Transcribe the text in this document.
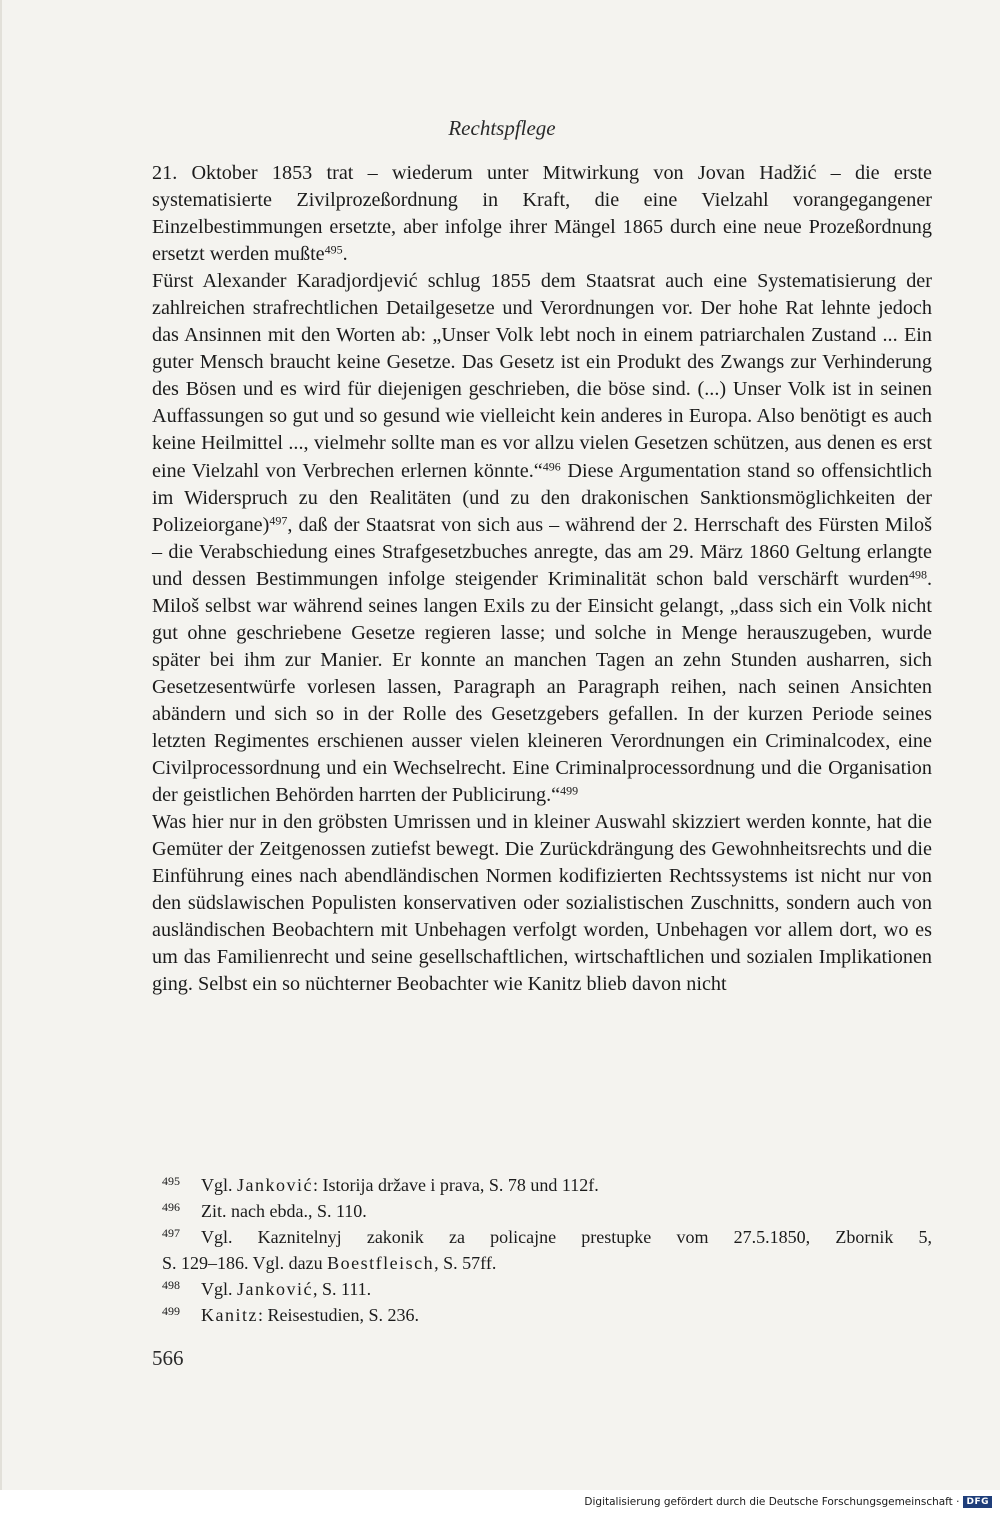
Rechtspflege

21. Oktober 1853 trat – wiederum unter Mitwirkung von Jovan Hadžić – die erste systematisierte Zivilprozeßordnung in Kraft, die eine Vielzahl vorangegangener Einzelbestimmungen ersetzte, aber infolge ihrer Mängel 1865 durch eine neue Prozeßordnung ersetzt werden mußte$^{495}$.

Fürst Alexander Karadjordjević schlug 1855 dem Staatsrat auch eine Systematisierung der zahlreichen strafrechtlichen Detailgesetze und Verordnungen vor. Der hohe Rat lehnte jedoch das Ansinnen mit den Worten ab: „Unser Volk lebt noch in einem patriarchalen Zustand ... Ein guter Mensch braucht keine Gesetze. Das Gesetz ist ein Produkt des Zwangs zur Verhinderung des Bösen und es wird für diejenigen geschrieben, die böse sind. (...) Unser Volk ist in seinen Auffassungen so gut und so gesund wie vielleicht kein anderes in Europa. Also benötigt es auch keine Heilmittel ..., vielmehr sollte man es vor allzu vielen Gesetzen schützen, aus denen es erst eine Vielzahl von Verbrechen erlernen könnte.“$^{496}$ Diese Argumentation stand so offensichtlich im Widerspruch zu den Realitäten (und zu den drakonischen Sanktionsmöglichkeiten der Polizeiorgane)$^{497}$, daß der Staatsrat von sich aus – während der 2. Herrschaft des Fürsten Miloš – die Verabschiedung eines Strafgesetzbuches anregte, das am 29. März 1860 Geltung erlangte und dessen Bestimmungen infolge steigender Kriminalität schon bald verschärft wurden$^{498}$. Miloš selbst war während seines langen Exils zu der Einsicht gelangt, „dass sich ein Volk nicht gut ohne geschriebene Gesetze regieren lasse; und solche in Menge herauszugeben, wurde später bei ihm zur Manier. Er konnte an manchen Tagen an zehn Stunden ausharren, sich Gesetzesentwürfe vorlesen lassen, Paragraph an Paragraph reihen, nach seinen Ansichten abändern und sich so in der Rolle des Gesetzgebers gefallen. In der kurzen Periode seines letzten Regimentes erschienen ausser vielen kleineren Verordnungen ein Criminalcodex, eine Civilprocessordnung und ein Wechselrecht. Eine Criminalprocessordnung und die Organisation der geistlichen Behörden harrten der Publicirung.“$^{499}$

Was hier nur in den gröbsten Umrissen und in kleiner Auswahl skizziert werden konnte, hat die Gemüter der Zeitgenossen zutiefst bewegt. Die Zurückdrängung des Gewohnheitsrechts und die Einführung eines nach abendländischen Normen kodifizierten Rechtssystems ist nicht nur von den südslawischen Populisten konservativen oder sozialistischen Zuschnitts, sondern auch von ausländischen Beobachtern mit Unbehagen verfolgt worden, Unbehagen vor allem dort, wo es um das Familienrecht und seine gesellschaftlichen, wirtschaftlichen und sozialen Implikationen ging. Selbst ein so nüchterner Beobachter wie Kanitz blieb davon nicht

495	Vgl. Janković: Istorija države i prava, S. 78 und 112f.
496	Zit. nach ebda., S. 110.
497	Vgl. Kaznitelnyj zakonik za policajne prestupke vom 27.5.1850, Zbornik 5,
S. 129–186. Vgl. dazu Boestfleisch, S. 57ff.
498	Vgl. Janković, S. 111.
499	Kanitz: Reisestudien, S. 236.
566
Digitalisierung gefördert durch die Deutsche Forschungsgemeinschaft · DFG
